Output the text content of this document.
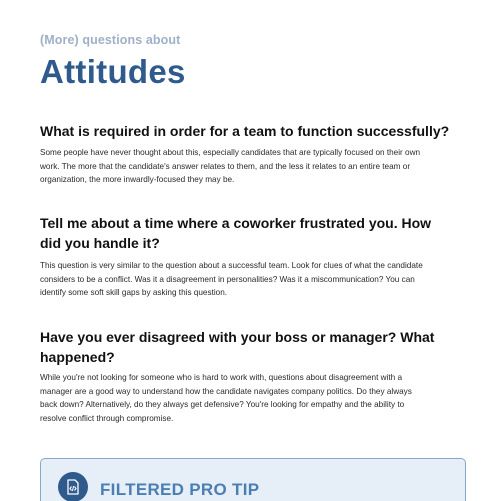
(More) questions about
Attitudes
What is required in order for a team to function successfully?
Some people have never thought about this, especially candidates that are typically focused on their own work. The more that the candidate's answer relates to them, and the less it relates to an entire team or organization, the more inwardly-focused they may be.
Tell me about a time where a coworker frustrated you. How did you handle it?
This question is very similar to the question about a successful team. Look for clues of what the candidate considers to be a conflict. Was it a disagreement in personalities? Was it a miscommunication? You can identify some soft skill gaps by asking this question.
Have you ever disagreed with your boss or manager? What happened?
While you're not looking for someone who is hard to work with, questions about disagreement with a manager are a good way to understand how the candidate navigates company politics. Do they always back down? Alternatively, do they always get defensive? You're looking for empathy and the ability to resolve conflict through compromise.
FILTERED PRO TIP
